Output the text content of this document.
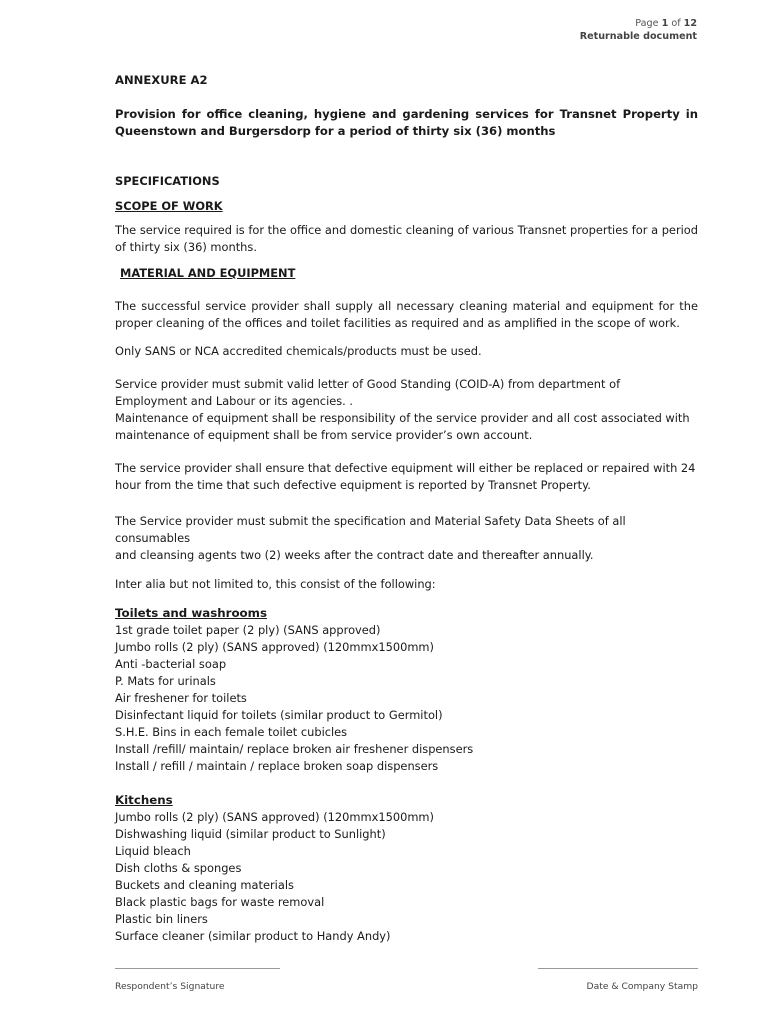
Page 1 of 12
Returnable document

ANNEXURE A2

Provision for office cleaning, hygiene and gardening services for Transnet Property in Queenstown and Burgersdorp for a period of thirty six (36) months

SPECIFICATIONS

SCOPE OF WORK

The service required is for the office and domestic cleaning of various Transnet properties for a period of thirty six (36) months.

MATERIAL AND EQUIPMENT

The successful service provider shall supply all necessary cleaning material and equipment for the proper cleaning of the offices and toilet facilities as required and as amplified in the scope of work.

Only SANS or NCA accredited chemicals/products must be used.

Service provider must submit valid letter of Good Standing (COID-A) from department of

Employment and Labour or its agencies. .

Maintenance of equipment shall be responsibility of the service provider and all cost associated with

maintenance of equipment shall be from service provider’s own account.

The service provider shall ensure that defective equipment will either be replaced or repaired with 24

hour from the time that such defective equipment is reported by Transnet Property.

The Service provider must submit the specification and Material Safety Data Sheets of all consumables

and cleansing agents two (2) weeks after the contract date and thereafter annually.

Inter alia but not limited to, this consist of the following:

Toilets and washrooms

1st grade toilet paper (2 ply) (SANS approved)
Jumbo rolls (2 ply) (SANS approved) (120mmx1500mm)
Anti -bacterial soap
P. Mats for urinals
Air freshener for toilets
Disinfectant liquid for toilets (similar product to Germitol)
S.H.E. Bins in each female toilet cubicles
Install /refill/ maintain/ replace broken air freshener dispensers
Install / refill / maintain / replace broken soap dispensers

Kitchens

Jumbo rolls (2 ply) (SANS approved) (120mmx1500mm)
Dishwashing liquid (similar product to Sunlight)
Liquid bleach
Dish cloths & sponges
Buckets and cleaning materials
Black plastic bags for waste removal
Plastic bin liners
Surface cleaner (similar product to Handy Andy)
Respondent’s Signature	Date & Company Stamp
